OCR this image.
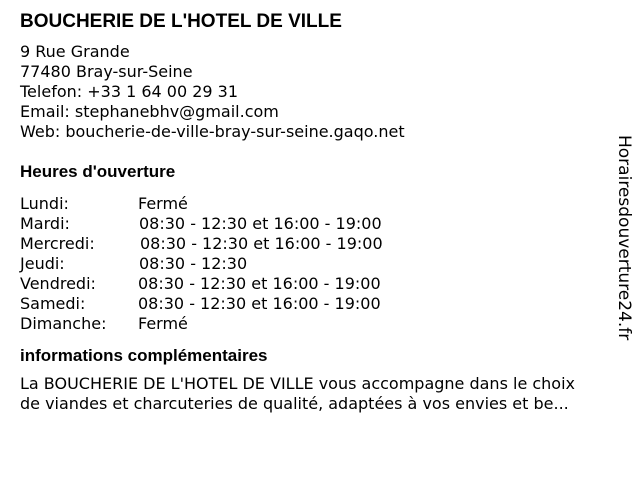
BOUCHERIE DE L'HOTEL DE VILLE
9 Rue Grande
77480 Bray-sur-Seine
Telefon: +33 1 64 00 29 31
Email: stephanebhv@gmail.com
Web: boucherie-de-ville-bray-sur-seine.gaqo.net
Heures d'ouverture
Lundi:	Fermé
Mardi:	08:30 - 12:30 et 16:00 - 19:00
Mercredi:	08:30 - 12:30 et 16:00 - 19:00
Jeudi:	08:30 - 12:30
Vendredi:	08:30 - 12:30 et 16:00 - 19:00
Samedi:	08:30 - 12:30 et 16:00 - 19:00
Dimanche: Fermé
informations complémentaires
La BOUCHERIE DE L'HOTEL DE VILLE vous accompagne dans le choix
de viandes et charcuteries de qualité, adaptées à vos envies et be...
Horairesdouverture24.fr
